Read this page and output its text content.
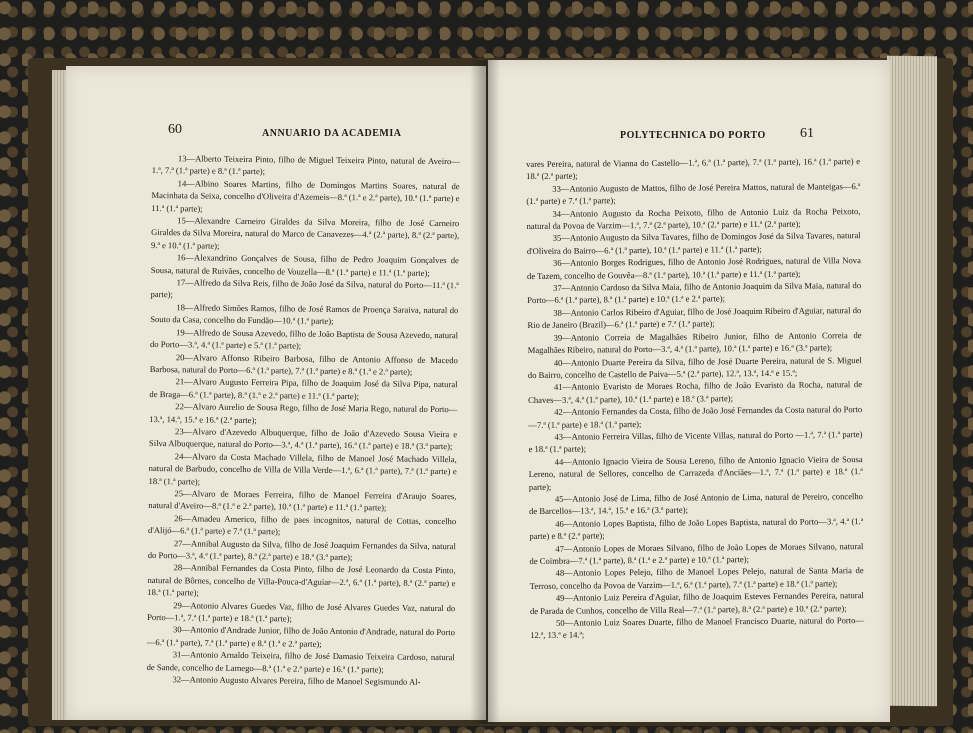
60	ANNUARIO DA ACADEMIA

13—Alberto Teixeira Pinto, filho de Miguel Teixeira Pinto, natural de Aveiro—1.ª, 7.ª (1.ª parte) e 8.ª (1.ª parte);

14—Albino Soares Martins, filho de Domingos Martins Soares, natural de Macinhata da Seixa, concelho d'Oliveira d'Azemeis—8.ª (1.ª e 2.ª parte), 10.ª (1.ª parte) e 11.ª (1.ª parte);

15—Alexandre Carneiro Giraldes da Silva Moreira, filho de José Carneiro Giraldes da Silva Moreira, natural do Marco de Canavezes—4.ª (2.ª parte), 8.ª (2.ª parte), 9.ª e 10.ª (1.ª parte);

16—Alexandrino Gonçalves de Sousa, filho de Pedro Joaquim Gonçalves de Sousa, natural de Ruivães, concelho de Vouzella—8.ª (1.ª parte) e 11.ª (1.ª parte);

17—Alfredo da Silva Reis, filho de João José da Silva, natural do Porto—11.ª (1.ª parte);

18—Alfredo Simões Ramos, filho de José Ramos de Proença Saraiva, natural do Souto da Casa, concelho do Fundão—10.ª (1.ª parte);

19—Alfredo de Sousa Azevedo, filho de João Baptista de Sousa Azevedo, natural do Porto—3.ª, 4.ª (1.ª parte) e 5.ª (1.ª parte);

20—Alvaro Affonso Ribeiro Barbosa, filho de Antonio Affonso de Macedo Barbosa, natural do Porto—6.ª (1.ª parte), 7.ª (1.ª parte) e 8.ª (1.ª e 2.ª parte);

21—Alvaro Augusto Ferreira Pipa, filho de Joaquim José da Silva Pipa, natural de Braga—6.ª (1.ª parte), 8.ª (1.ª e 2.ª parte) e 11.ª (1.ª parte);

22—Alvaro Aurelio de Sousa Rego, filho de José Maria Rego, natural do Porto—13.ª, 14.ª, 15.ª e 16.ª (2.ª parte);

23—Alvaro d'Azevedo Albuquerque, filho de João d'Azevedo Sousa Vieira e Silva Albuquerque, natural do Porto—3.ª, 4.ª (1.ª parte), 16.ª (1.ª parte) e 18.ª (3.ª parte);

24—Alvaro da Costa Machado Villela, filho de Manoel José Machado Villela, natural de Barbudo, concelho de Villa de Villa Verde—1.ª, 6.ª (1.ª parte), 7.ª (1.ª parte) e 18.ª (1.ª parte);

25—Alvaro de Moraes Ferreira, filho de Manoel Ferreira d'Araujo Soares, natural d'Aveiro—8.ª (1.ª e 2.ª parte), 10.ª (1.ª parte) e 11.ª (1.ª parte);

26—Amadeu Americo, filho de paes incognitos, natural de Cottas, concelho d'Alijó—6.ª (1.ª parte) e 7.ª (1.ª parte);

27—Annibal Augusto da Silva, filho de José Joaquim Fernandes da Silva, natural do Porto—3.ª, 4.ª (1.ª parte), 8.ª (2.ª parte) e 18.ª (3.ª parte);

28—Annibal Fernandes da Costa Pinto, filho de José Leonardo da Costa Pinto, natural de Bôrnes, concelho de Villa-Pouca-d'Aguiar—2.ª, 6.ª (1.ª parte), 8.ª (2.ª parte) e 18.ª (1.ª parte);

29—Antonio Alvares Guedes Vaz, filho de José Alvares Guedes Vaz, natural do Porto—1.ª, 7.ª (1.ª parte) e 18.ª (1.ª parte);

30—Antonio d'Andrade Junior, filho de João Antonio d'Andrade, natural do Porto—6.ª (1.ª parte), 7.ª (1.ª parte) e 8.ª (1.ª e 2.ª parte);

31—Antonio Arnaldo Teixeira, filho de José Damasio Teixeira Cardoso, natural de Sande, concelho de Lamego—8.ª (1.ª e 2.ª parte) e 16.ª (1.ª parte);

32—Antonio Augusto Alvares Pereira, filho de Manoel Segismundo Al-

POLYTECHNICA DO PORTO 61

vares Pereira, natural de Vianna do Castello—1.ª, 6.ª (1.ª parte), 7.ª (1.ª parte), 16.ª (1.ª parte) e 18.ª (2.ª parte);

33—Antonio Augusto de Mattos, filho de José Pereira Mattos, natural de Manteigas—6.ª (1.ª parte) e 7.ª (1.ª parte);

34—Antonio Augusto da Rocha Peixoto, filho de Antonio Luiz da Rocha Peixoto, natural da Povoa de Varzim—1.ª, 7.ª (2.ª parte), 10.ª (2.ª parte) e 11.ª (2.ª parte);

35—Antonio Augusto da Silva Tavares, filho de Domingos José da Silva Tavares, natural d'Oliveira do Bairro—6.ª (1.ª parte), 10.ª (1.ª parte) e 11.ª (1.ª parte);

36—Antonio Borges Rodrigues, filho de Antonio José Rodrigues, natural de Villa Nova de Tazem, concelho de Gouvêa—8.ª (1.ª parte), 10.ª (1.ª parte) e 11.ª (1.ª parte);

37—Antonio Cardoso da Silva Maia, filho de Antonio Joaquim da Silva Maia, natural do Porto—6.ª (1.ª parte), 8.ª (1.ª parte) e 10.ª (1.ª e 2.ª parte);

38—Antonio Carlos Ribeiro d'Aguiar, filho de José Joaquim Ribeiro d'Aguiar, natural do Rio de Janeiro (Brazil)—6.ª (1.ª parte) e 7.ª (1.ª parte);

39—Antonio Correia de Magalhães Ribeiro Junior, filho de Antonio Correia de Magalhães Ribeiro, natural do Porto—3.ª, 4.ª (1.ª parte), 10.ª (1.ª parte) e 16.ª (3.ª parte);

40—Antonio Duarte Pereira da Silva, filho de José Duarte Pereira, natural de S. Miguel do Bairro, concelho de Castello de Paiva—5.ª (2.ª parte), 12.ª, 13.ª, 14.ª e 15.ª;

41—Antonio Evaristo de Moraes Rocha, filho de João Evaristo da Rocha, natural de Chaves—3.ª, 4.ª (1.ª parte), 10.ª (1.ª parte) e 18.ª (3.ª parte);

42—Antonio Fernandes da Costa, filho de João José Fernandes da Costa natural do Porto—7.ª (1.ª parte) e 18.ª (1.ª parte);

43—Antonio Ferreira Villas, filho de Vicente Villas, natural do Porto —1.ª, 7.ª (1.ª parte) e 18.ª (1.ª parte);

44—Antonio Ignacio Vieira de Sousa Lereno, filho de Antonio Ignacio Vieira de Sousa Lereno, natural de Sellores, concelho de Carrazeda d'Anciães—1.ª, 7.ª (1.ª parte) e 18.ª (1.ª parte);

45—Antonio José de Lima, filho de José Antonio de Lima, natural de Pereiro, concelho de Barcellos—13.ª, 14.ª, 15.ª e 16.ª (3.ª parte);

46—Antonio Lopes Baptista, filho de João Lopes Baptista, natural do Porto—3.ª, 4.ª (1.ª parte) e 8.ª (2.ª parte);

47—Antonio Lopes de Moraes Silvano, filho de João Lopes de Moraes Silvano, natural de Coimbra—7.ª (1.ª parte), 8.ª (1.ª e 2.ª parte) e 10.ª (1.ª parte);

48—Antonio Lopes Pelejo, filho de Manoel Lopes Pelejo, natural de Santa Maria de Terroso, concelho da Povoa de Varzim—1.ª, 6.ª (1.ª parte), 7.ª (1.ª parte) e 18.ª (1.ª parte);

49—Antonio Luiz Pereira d'Aguiar, filho de Joaquim Esteves Fernandes Pereira, natural de Parada de Cunhos, concelho de Villa Real—7.ª (1.ª parte), 8.ª (2.ª parte) e 10.ª (2.ª parte);

50—Antonio Luiz Soares Duarte, filho de Manoel Francisco Duarte, natural do Porto—12.ª, 13.ª e 14.ª;
